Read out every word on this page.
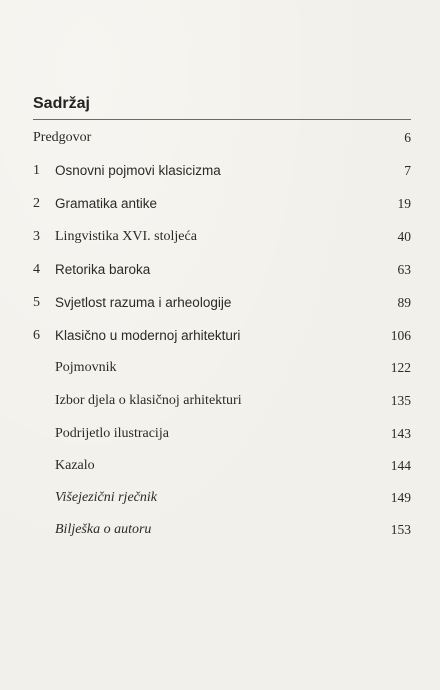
Sadržaj
Predgovor	6
1	Osnovni pojmovi klasicizma	7
2	Gramatika antike	19
3	Lingvistika XVI. stoljeća	40
4	Retorika baroka	63
5	Svjetlost razuma i arheologije	89
6	Klasično u modernoj arhitekturi	106
Pojmovnik	122
Izbor djela o klasičnoj arhitekturi	135
Podrijetlo ilustracija	143
Kazalo	144
Višejezični rječnik	149
Bilješka o autoru	153
